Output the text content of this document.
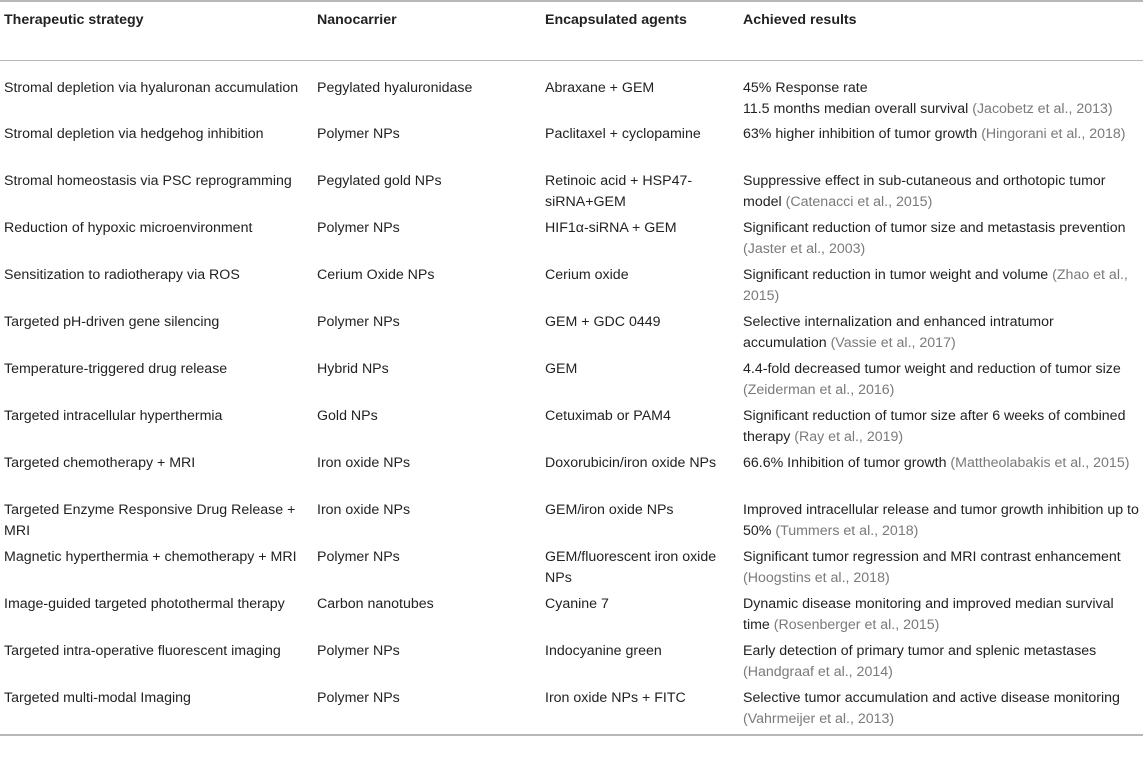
Therapeutic strategy	Nanocarrier	Encapsulated agents	Achieved results
Stromal depletion via hyaluronan accumulation	Pegylated hyaluronidase	Abraxane + GEM	45% Response rate
11.5 months median overall survival (Jacobetz et al., 2013)
Stromal depletion via hedgehog inhibition	Polymer NPs	Paclitaxel + cyclopamine	63% higher inhibition of tumor growth (Hingorani et al., 2018)
Stromal homeostasis via PSC reprogramming	Pegylated gold NPs	Retinoic acid + HSP47-siRNA+GEM	Suppressive effect in sub-cutaneous and orthotopic tumor model (Catenacci et al., 2015)
Reduction of hypoxic microenvironment	Polymer NPs	HIF1α-siRNA + GEM	Significant reduction of tumor size and metastasis prevention (Jaster et al., 2003)
Sensitization to radiotherapy via ROS	Cerium Oxide NPs	Cerium oxide	Significant reduction in tumor weight and volume (Zhao et al., 2015)
Targeted pH-driven gene silencing	Polymer NPs	GEM + GDC 0449	Selective internalization and enhanced intratumor accumulation (Vassie et al., 2017)
Temperature-triggered drug release	Hybrid NPs	GEM	4.4-fold decreased tumor weight and reduction of tumor size (Zeiderman et al., 2016)
Targeted intracellular hyperthermia	Gold NPs	Cetuximab or PAM4	Significant reduction of tumor size after 6 weeks of combined therapy (Ray et al., 2019)
Targeted chemotherapy + MRI	Iron oxide NPs	Doxorubicin/iron oxide NPs	66.6% Inhibition of tumor growth (Mattheolabakis et al., 2015)
Targeted Enzyme Responsive Drug Release + MRI	Iron oxide NPs	GEM/iron oxide NPs	Improved intracellular release and tumor growth inhibition up to 50% (Tummers et al., 2018)
Magnetic hyperthermia + chemotherapy + MRI	Polymer NPs	GEM/fluorescent iron oxide NPs	Significant tumor regression and MRI contrast enhancement (Hoogstins et al., 2018)
Image-guided targeted photothermal therapy	Carbon nanotubes	Cyanine 7	Dynamic disease monitoring and improved median survival time (Rosenberger et al., 2015)
Targeted intra-operative fluorescent imaging	Polymer NPs	Indocyanine green	Early detection of primary tumor and splenic metastases (Handgraaf et al., 2014)
Targeted multi-modal Imaging	Polymer NPs	Iron oxide NPs + FITC	Selective tumor accumulation and active disease monitoring (Vahrmeijer et al., 2013)
